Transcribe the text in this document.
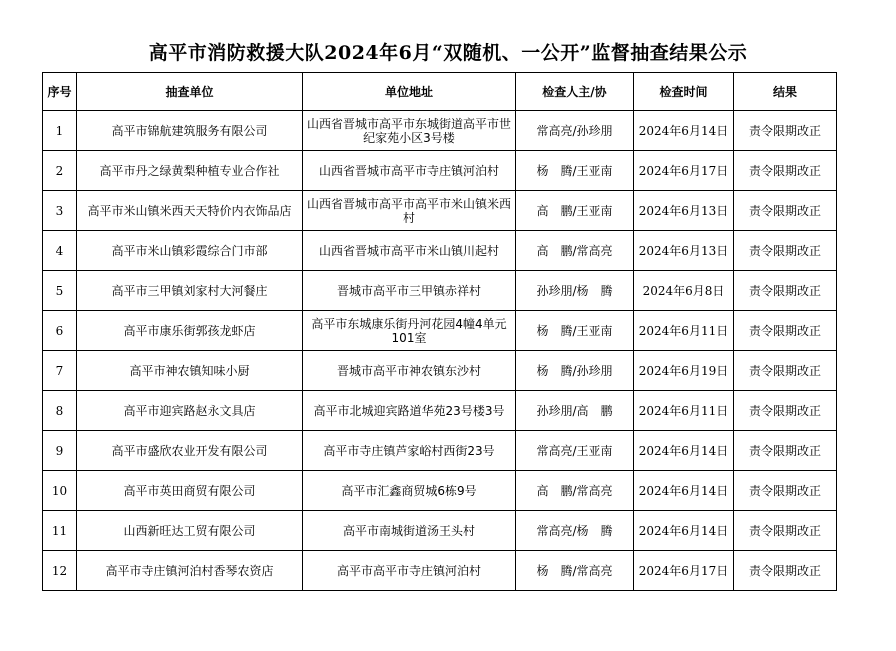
高平市消防救援大队2024年6月“双随机、一公开”监督抽查结果公示
序号	抽查单位	单位地址	检查人主/协	检查时间	结果
1	高平市锦航建筑服务有限公司	山西省晋城市高平市东城街道高平市世纪家苑小区3号楼	常高亮/孙珍朋	2024年6月14日	责令限期改正
2	高平市丹之绿黄梨种植专业合作社	山西省晋城市高平市寺庄镇河泊村	杨　腾/王亚南	2024年6月17日	责令限期改正
3	高平市米山镇米西天天特价内衣饰品店	山西省晋城市高平市高平市米山镇米西村	高　鹏/王亚南	2024年6月13日	责令限期改正
4	高平市米山镇彩霞综合门市部	山西省晋城市高平市米山镇川起村	高　鹏/常高亮	2024年6月13日	责令限期改正
5	高平市三甲镇刘家村大河餐庄	晋城市高平市三甲镇赤祥村	孙珍朋/杨　腾	2024年6月8日	责令限期改正
6	高平市康乐街郭孩龙虾店	高平市东城康乐街丹河花园4幢4单元101室	杨　腾/王亚南	2024年6月11日	责令限期改正
7	高平市神农镇知味小厨	晋城市高平市神农镇东沙村	杨　腾/孙珍朋	2024年6月19日	责令限期改正
8	高平市迎宾路赵永文具店	高平市北城迎宾路道华苑23号楼3号	孙珍朋/高　鹏	2024年6月11日	责令限期改正
9	高平市盛欣农业开发有限公司	高平市寺庄镇芦家峪村西街23号	常高亮/王亚南	2024年6月14日	责令限期改正
10	高平市英田商贸有限公司	高平市汇鑫商贸城6栋9号	高　鹏/常高亮	2024年6月14日	责令限期改正
11	山西新旺达工贸有限公司	高平市南城街道汤王头村	常高亮/杨　腾	2024年6月14日	责令限期改正
12	高平市寺庄镇河泊村香琴农资店	高平市高平市寺庄镇河泊村	杨　腾/常高亮	2024年6月17日	责令限期改正
